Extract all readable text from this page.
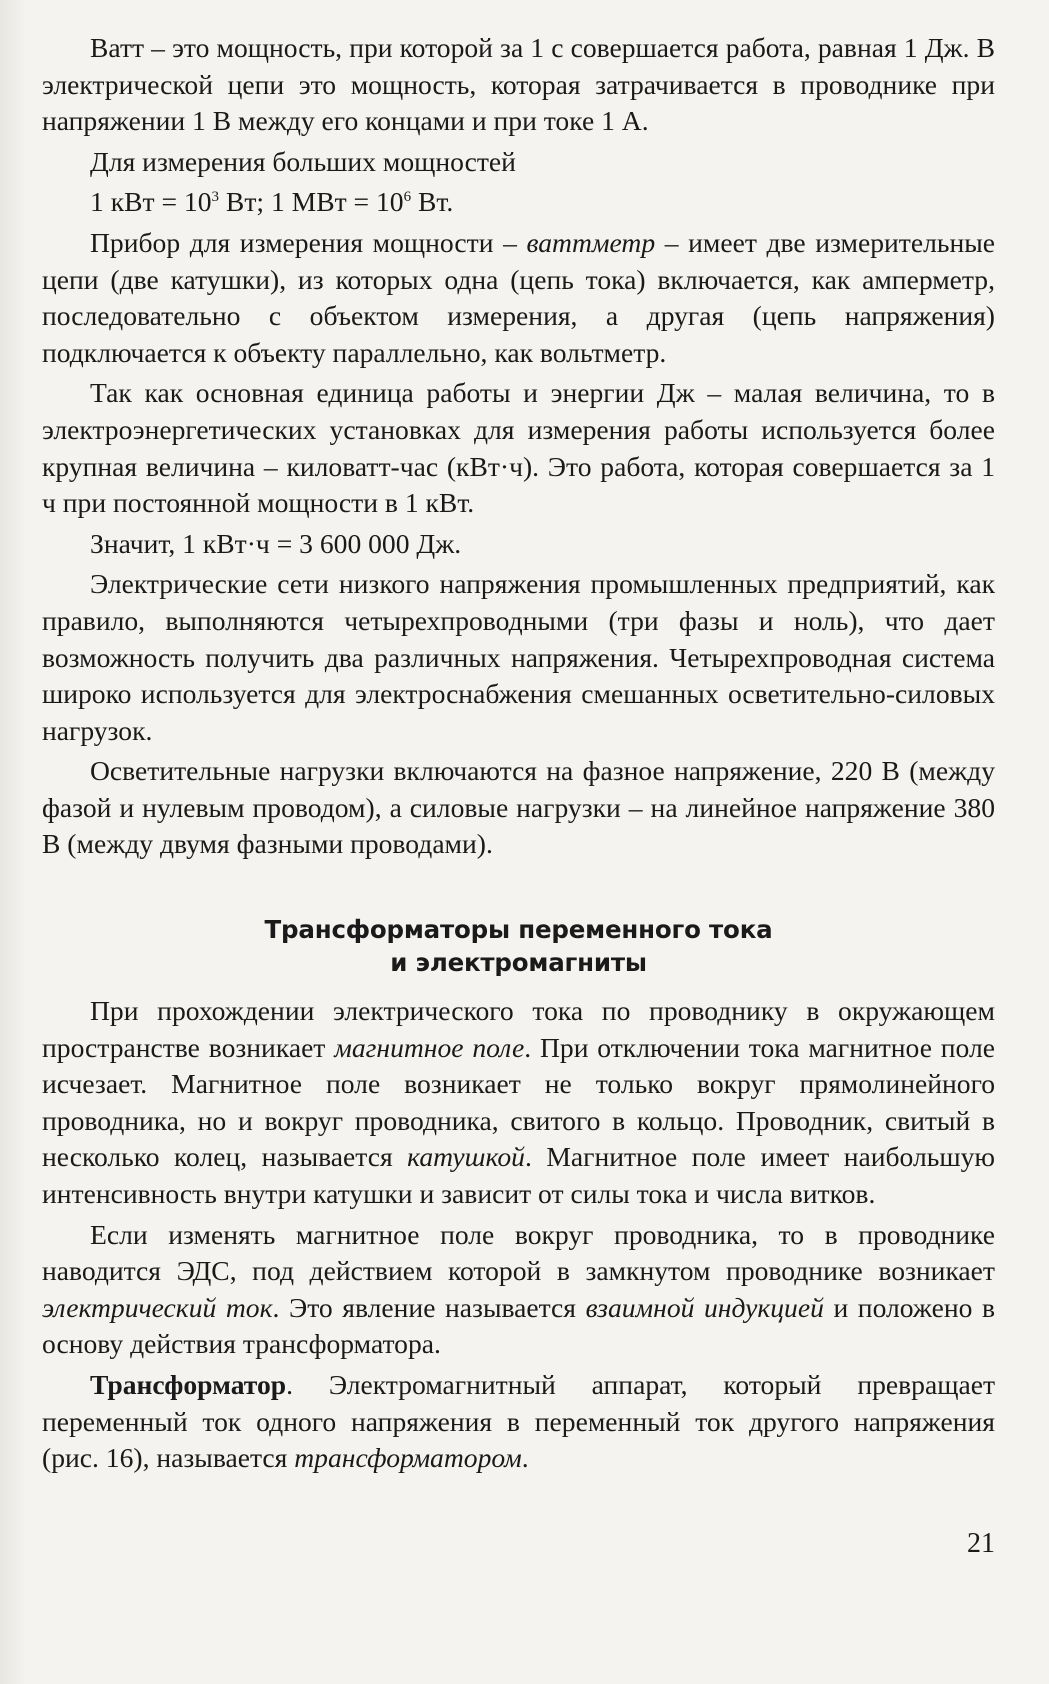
Ватт – это мощность, при которой за 1 с совершается работа, равная 1 Дж. В электрической цепи это мощность, которая затрачивается в проводнике при напряжении 1 В между его концами и при токе 1 А.

Для измерения больших мощностей

1 кВт = $10^3$ Вт; 1 МВт = $10^6$ Вт.

Прибор для измерения мощности – ваттметр – имеет две измерительные цепи (две катушки), из которых одна (цепь тока) включается, как амперметр, последовательно с объектом измерения, а другая (цепь напряжения) подключается к объекту параллельно, как вольтметр.

Так как основная единица работы и энергии Дж – малая величина, то в электроэнергетических установках для измерения работы используется более крупная величина – киловатт-час (кВт·ч). Это работа, которая совершается за 1 ч при постоянной мощности в 1 кВт.

Значит, 1 кВт·ч = 3 600 000 Дж.

Электрические сети низкого напряжения промышленных предприятий, как правило, выполняются четырехпроводными (три фазы и ноль), что дает возможность получить два различных напряжения. Четырехпроводная система широко используется для электроснабжения смешанных осветительно-силовых нагрузок.

Осветительные нагрузки включаются на фазное напряжение, 220 В (между фазой и нулевым проводом), а силовые нагрузки – на линейное напряжение 380 В (между двумя фазными проводами).

Трансформаторы переменного тока
и электромагниты

При прохождении электрического тока по проводнику в окружающем пространстве возникает магнитное поле. При отключении тока магнитное поле исчезает. Магнитное поле возникает не только вокруг прямолинейного проводника, но и вокруг проводника, свитого в кольцо. Проводник, свитый в несколько колец, называется катушкой. Магнитное поле имеет наибольшую интенсивность внутри катушки и зависит от силы тока и числа витков.

Если изменять магнитное поле вокруг проводника, то в проводнике наводится ЭДС, под действием которой в замкнутом проводнике возникает электрический ток. Это явление называется взаимной индукцией и положено в основу действия трансформатора.

Трансформатор. Электромагнитный аппарат, который превращает переменный ток одного напряжения в переменный ток другого напряжения (рис. 16), называется трансформатором.

21
